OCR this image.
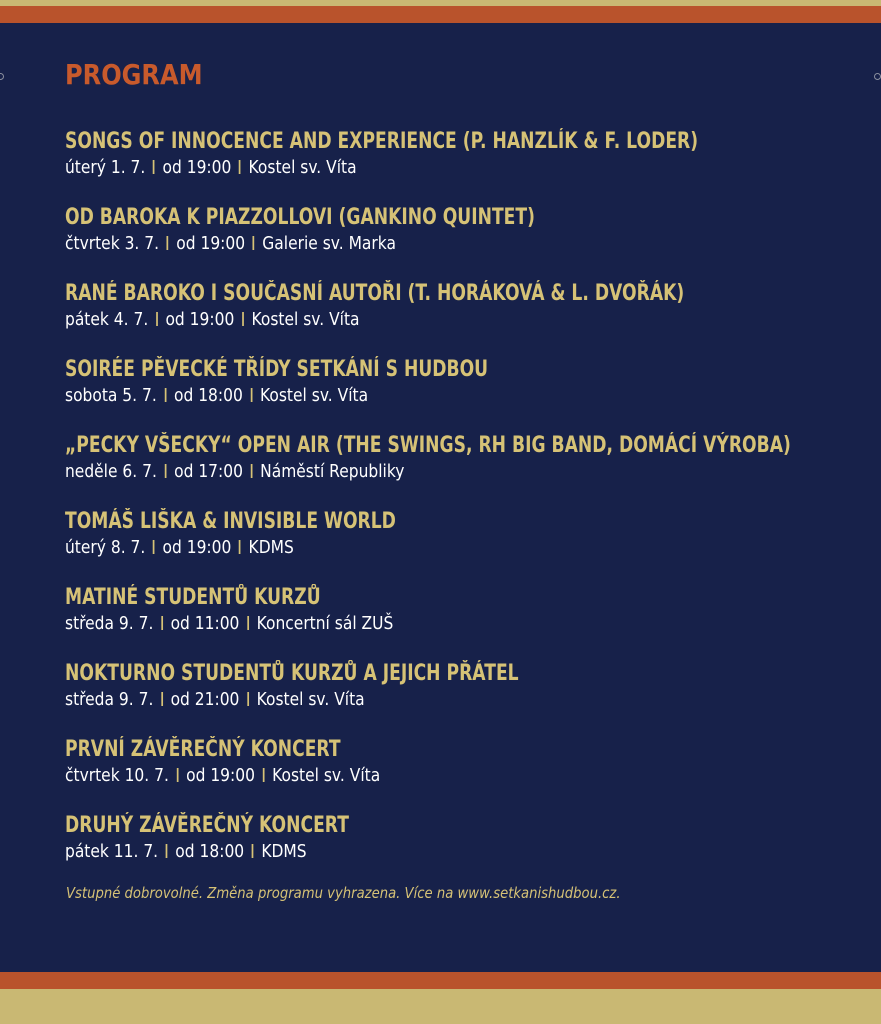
PROGRAM
SONGS OF INNOCENCE AND EXPERIENCE (P. HANZLÍK & F. LODER)
úterý 1. 7. od 19:00 Kostel sv. Víta
OD BAROKA K PIAZZOLLOVI (GANKINO QUINTET)
čtvrtek 3. 7. od 19:00 Galerie sv. Marka
RANÉ BAROKO I SOUČASNÍ AUTOŘI (T. HORÁKOVÁ & L. DVOŘÁK)
pátek 4. 7. od 19:00 Kostel sv. Víta
SOIRÉE PĚVECKÉ TŘÍDY SETKÁNÍ S HUDBOU
sobota 5. 7. od 18:00 Kostel sv. Víta
„PECKY VŠECKY“ OPEN AIR (THE SWINGS, RH BIG BAND, DOMÁCÍ VÝROBA)
neděle 6. 7. od 17:00 Náměstí Republiky
TOMÁŠ LIŠKA & INVISIBLE WORLD
úterý 8. 7. od 19:00 KDMS
MATINÉ STUDENTŮ KURZŮ
středa 9. 7. od 11:00 Koncertní sál ZUŠ
NOKTURNO STUDENTŮ KURZŮ A JEJICH PŘÁTEL
středa 9. 7. od 21:00 Kostel sv. Víta
PRVNÍ ZÁVĚREČNÝ KONCERT
čtvrtek 10. 7. od 19:00 Kostel sv. Víta
DRUHÝ ZÁVĚREČNÝ KONCERT
pátek 11. 7. od 18:00 KDMS
Vstupné dobrovolné. Změna programu vyhrazena. Více na www.setkanishudbou.cz.
